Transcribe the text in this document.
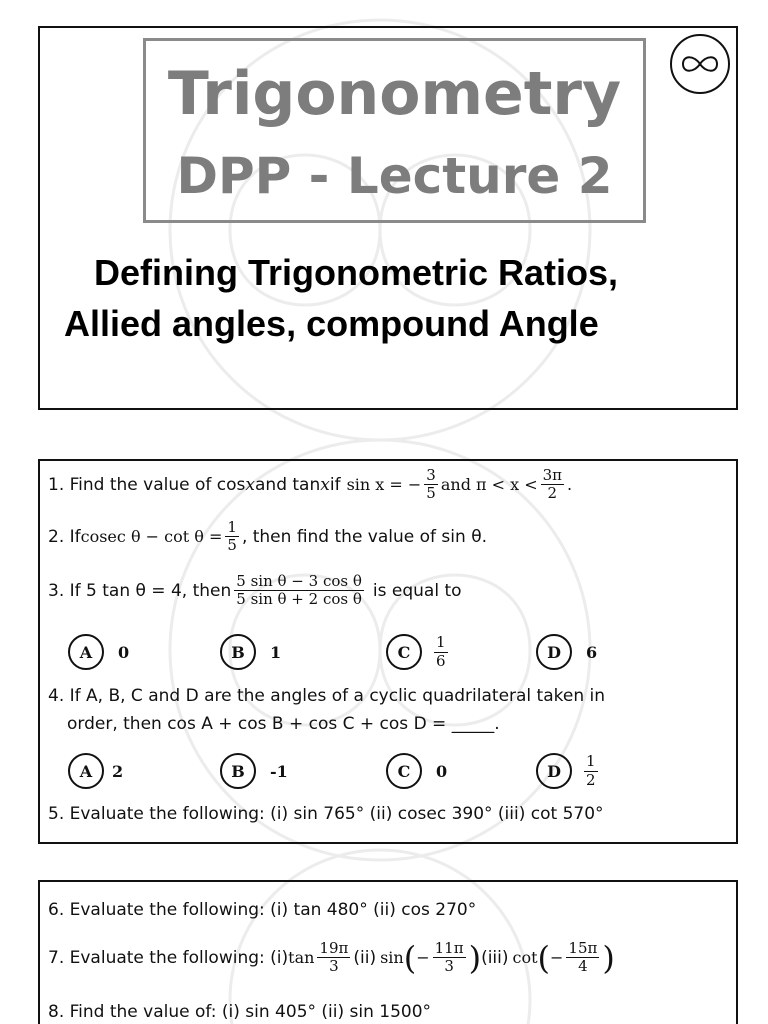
Trigonometry
DPP - Lecture 2
Defining Trigonometric Ratios,
Allied angles, compound Angle
1. Find the value of cos x and tan x if sin x = − $\frac{3}{5}$ and $\pi < x < \frac{3\pi}{2}$ .
2. If cosec $\theta - \cot \theta = \frac{1}{5}$ , then find the value of sin θ.
3. If 5 tan θ = 4, then $\frac{\text{5 sin θ − 3 cos θ}}{\text{5 sin θ + 2 cos θ}}$ is equal to
A	0	B	1	C	$\frac{1}{6}$	D	6
4. If A, B, C and D are the angles of a cyclic quadrilateral taken in
order, then cos A + cos B + cos C + cos D = _____.
A	2	B	-1	C	0	D	$\frac{1}{2}$
5. Evaluate the following: (i) sin 765° (ii) cosec 390° (iii) cot 570°
6. Evaluate the following: (i) tan 480° (ii) cos 270°
7. Evaluate the following: (i) $\tan \frac{19\pi}{3} (ii)$ sin ( − $\frac{11\pi}{3}$ ) (iii) cot ( − $\frac{15\pi}{4}$ )
8. Find the value of: (i) sin 405° (ii) sin 1500°
